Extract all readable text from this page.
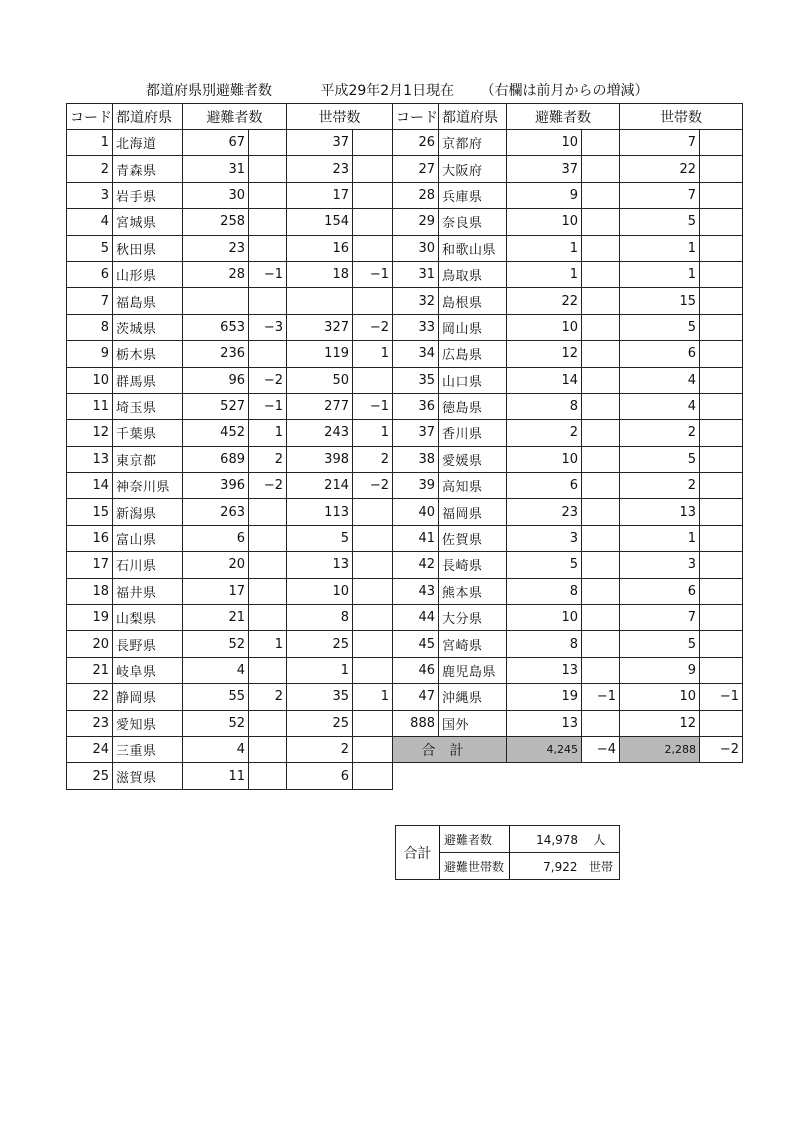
都道府県別避難者数	平成29年2月1日現在 （右欄は前月からの増減）
コード	都道府県	避難者数		世帯数	
1	北海道	67		37	
2	青森県	31		23	
3	岩手県	30		17	
4	宮城県	258		154	
5	秋田県	23		16	
6	山形県	28	−1	18	−1
7	福島県				
8	茨城県	653	−3	327	−2
9	栃木県	236		119	1
10	群馬県	96	−2	50	
11	埼玉県	527	−1	277	−1
12	千葉県	452	1	243	1
13	東京都	689	2	398	2
14	神奈川県	396	−2	214	−2
15	新潟県	263		113	
16	富山県	6		5	
17	石川県	20		13	
18	福井県	17		10	
19	山梨県	21		8	
20	長野県	52	1	25	
21	岐阜県	4		1	
22	静岡県	55	2	35	1
23	愛知県	52		25	
24	三重県	4		2	
25	滋賀県	11		6	
コード	都道府県	避難者数		世帯数	
26	京都府	10		7	
27	大阪府	37		22	
28	兵庫県	9		7	
29	奈良県	10		5	
30	和歌山県	1		1	
31	鳥取県	1		1	
32	島根県	22		15	
33	岡山県	10		5	
34	広島県	12		6	
35	山口県	14		4	
36	徳島県	8		4	
37	香川県	2		2	
38	愛媛県	10		5	
39	高知県	6		2	
40	福岡県	23		13	
41	佐賀県	3		1	
42	長崎県	5		3	
43	熊本県	8		6	
44	大分県	10		7	
45	宮崎県	8		5	
46	鹿児島県	13		9	
47	沖縄県	19	−1	10	−1
888	国外	13		12	
合計		4,245	−4	2,288	−2
合計	避難者数	14,978 人
	避難世帯数	7,922 世帯
